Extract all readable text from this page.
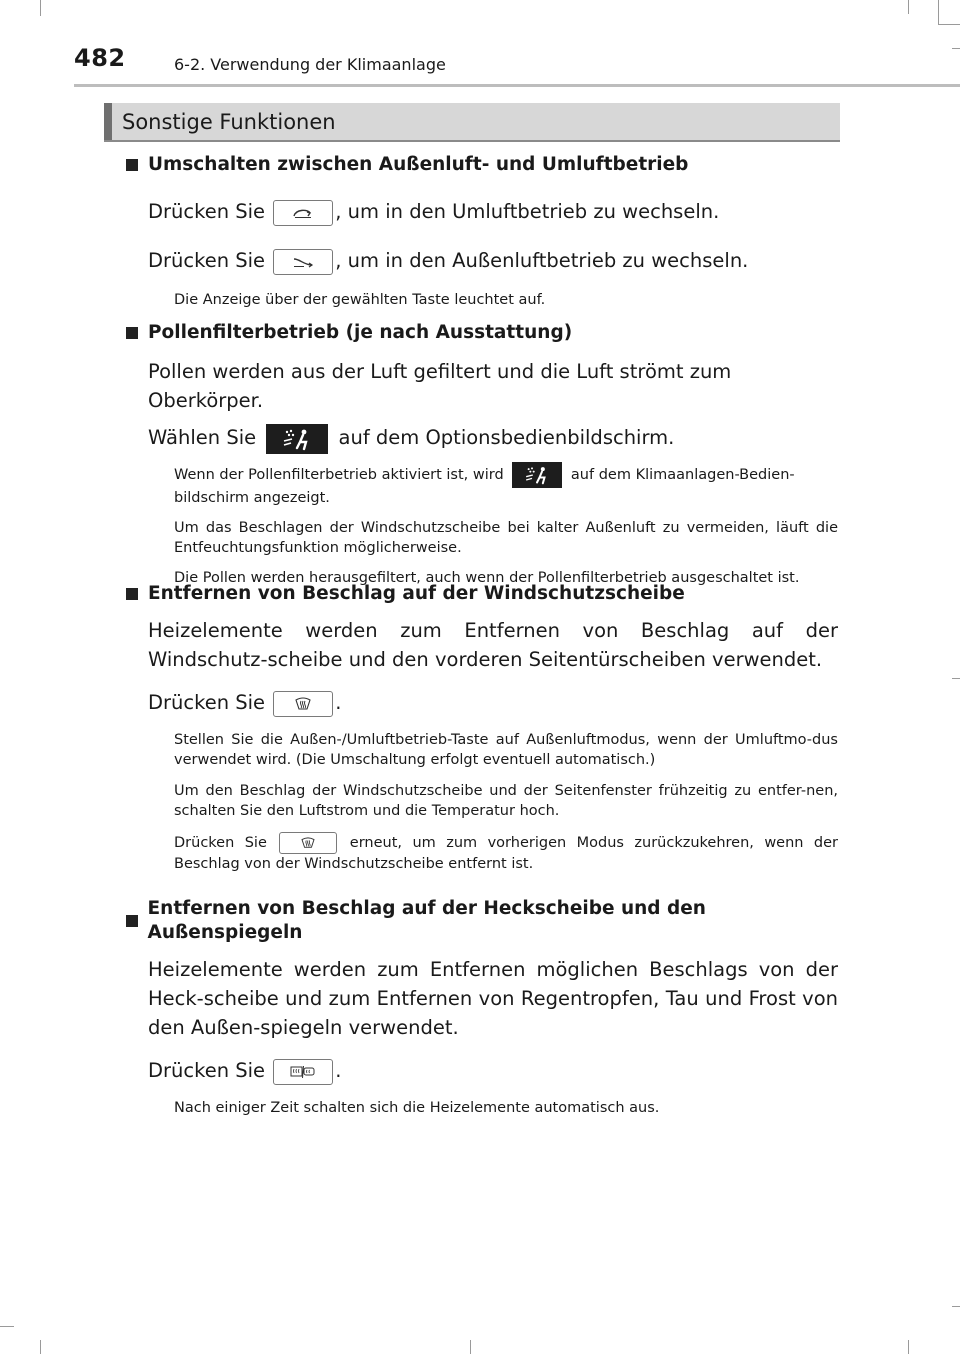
482	6-2. Verwendung der Klimaanlage
Sonstige Funktionen
Umschalten zwischen Außenluft- und Umluftbetrieb
Drücken Sie	, um in den Umluftbetrieb zu wechseln.
Drücken Sie	, um in den Außenluftbetrieb zu wechseln.
Die Anzeige über der gewählten Taste leuchtet auf.
Pollenfilterbetrieb (je nach Ausstattung)
Pollen werden aus der Luft gefiltert und die Luft strömt zum Oberkörper.
Wählen Sie	auf dem Optionsbedienbildschirm.
Wenn der Pollenfilterbetrieb aktiviert ist, wird	auf dem Klimaanlagen-Bedien-
bildschirm angezeigt.
Um das Beschlagen der Windschutzscheibe bei kalter Außenluft zu vermeiden, läuft die Entfeuchtungsfunktion möglicherweise.
Die Pollen werden herausgefiltert, auch wenn der Pollenfilterbetrieb ausgeschaltet ist.
Entfernen von Beschlag auf der Windschutzscheibe
Heizelemente werden zum Entfernen von Beschlag auf der Windschutz-scheibe und den vorderen Seitentürscheiben verwendet.
Drücken Sie	.
Stellen Sie die Außen-/Umluftbetrieb-Taste auf Außenluftmodus, wenn der Umluftmo-dus verwendet wird. (Die Umschaltung erfolgt eventuell automatisch.)
Um den Beschlag der Windschutzscheibe und der Seitenfenster frühzeitig zu entfer-nen, schalten Sie den Luftstrom und die Temperatur hoch.
Drücken Sie	erneut, um zum vorherigen Modus zurückzukehren, wenn der Beschlag von der Windschutzscheibe entfernt ist.
Entfernen von Beschlag auf der Heckscheibe und den Außenspiegeln
Heizelemente werden zum Entfernen möglichen Beschlags von der Heck-scheibe und zum Entfernen von Regentropfen, Tau und Frost von den Außen-spiegeln verwendet.
Drücken Sie	.
Nach einiger Zeit schalten sich die Heizelemente automatisch aus.
